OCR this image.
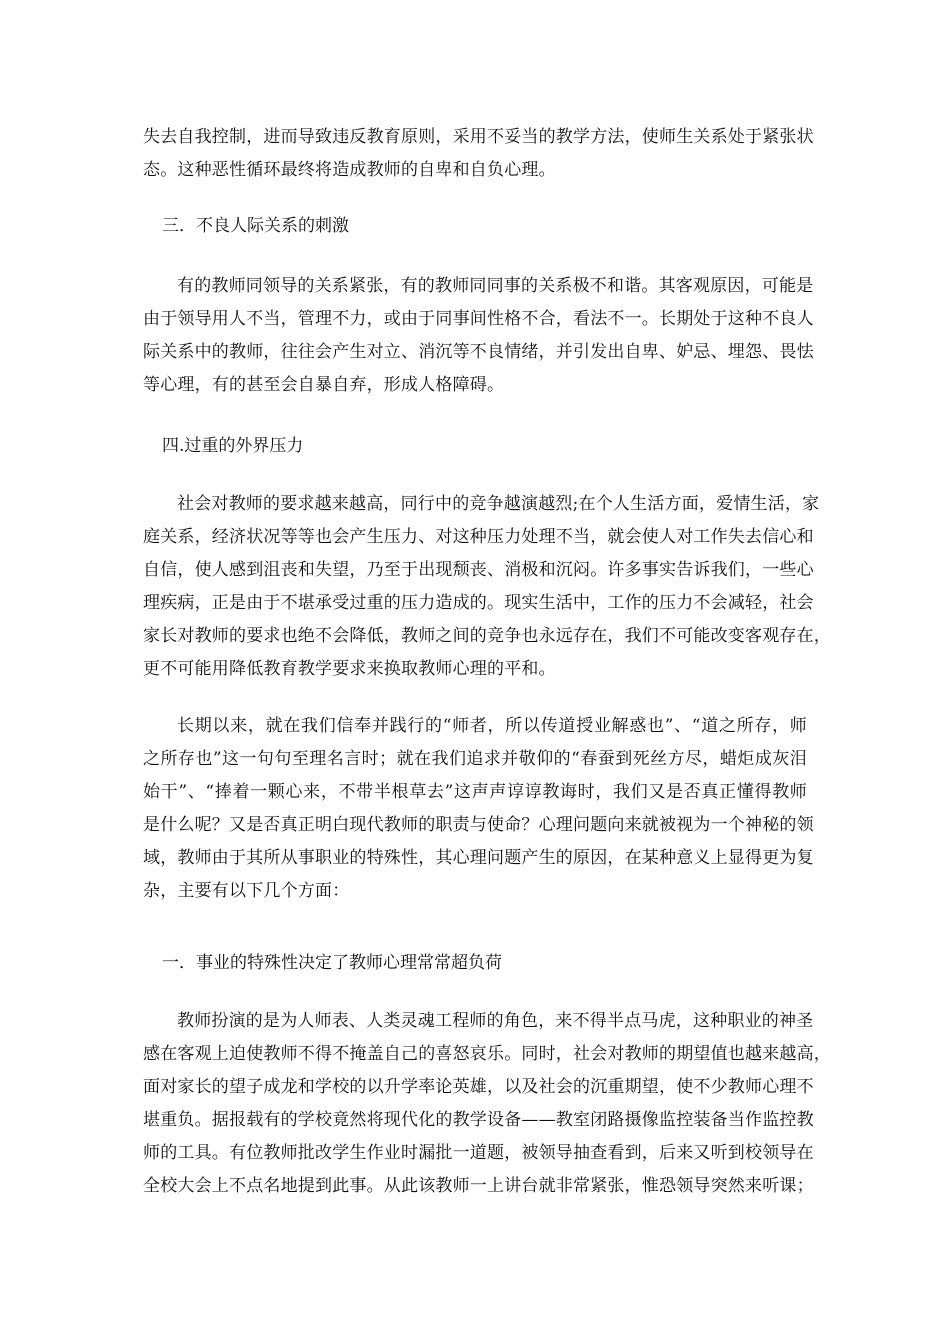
失去自我控制，进而导致违反教育原则，采用不妥当的教学方法，使师生关系处于紧张状
态。这种恶性循环最终将造成教师的自卑和自负心理。
三．不良人际关系的刺激
有的教师同领导的关系紧张，有的教师同同事的关系极不和谐。其客观原因，可能是
由于领导用人不当，管理不力，或由于同事间性格不合，看法不一。长期处于这种不良人
际关系中的教师，往往会产生对立、消沉等不良情绪，并引发出自卑、妒忌、埋怨、畏怯
等心理，有的甚至会自暴自弃，形成人格障碍。
四.过重的外界压力
社会对教师的要求越来越高，同行中的竞争越演越烈;在个人生活方面，爱情生活，家
庭关系，经济状况等等也会产生压力、对这种压力处理不当，就会使人对工作失去信心和
自信，使人感到沮丧和失望，乃至于出现颓丧、消极和沉闷。许多事实告诉我们，一些心
理疾病，正是由于不堪承受过重的压力造成的。现实生活中，工作的压力不会减轻，社会
家长对教师的要求也绝不会降低，教师之间的竞争也永远存在，我们不可能改变客观存在，
更不可能用降低教育教学要求来换取教师心理的平和。
长期以来，就在我们信奉并践行的“师者，所以传道授业解惑也”、“道之所存，师
之所存也”这一句句至理名言时；就在我们追求并敬仰的“春蚕到死丝方尽，蜡炬成灰泪
始干”、“捧着一颗心来，不带半根草去”这声声谆谆教诲时，我们又是否真正懂得教师
是什么呢？又是否真正明白现代教师的职责与使命？心理问题向来就被视为一个神秘的领
域，教师由于其所从事职业的特殊性，其心理问题产生的原因，在某种意义上显得更为复
杂，主要有以下几个方面：
一．事业的特殊性决定了教师心理常常超负荷
教师扮演的是为人师表、人类灵魂工程师的角色，来不得半点马虎，这种职业的神圣
感在客观上迫使教师不得不掩盖自己的喜怒哀乐。同时，社会对教师的期望值也越来越高，
面对家长的望子成龙和学校的以升学率论英雄，以及社会的沉重期望，使不少教师心理不
堪重负。据报载有的学校竟然将现代化的教学设备——教室闭路摄像监控装备当作监控教
师的工具。有位教师批改学生作业时漏批一道题，被领导抽查看到，后来又听到校领导在
全校大会上不点名地提到此事。从此该教师一上讲台就非常紧张，惟恐领导突然来听课；
